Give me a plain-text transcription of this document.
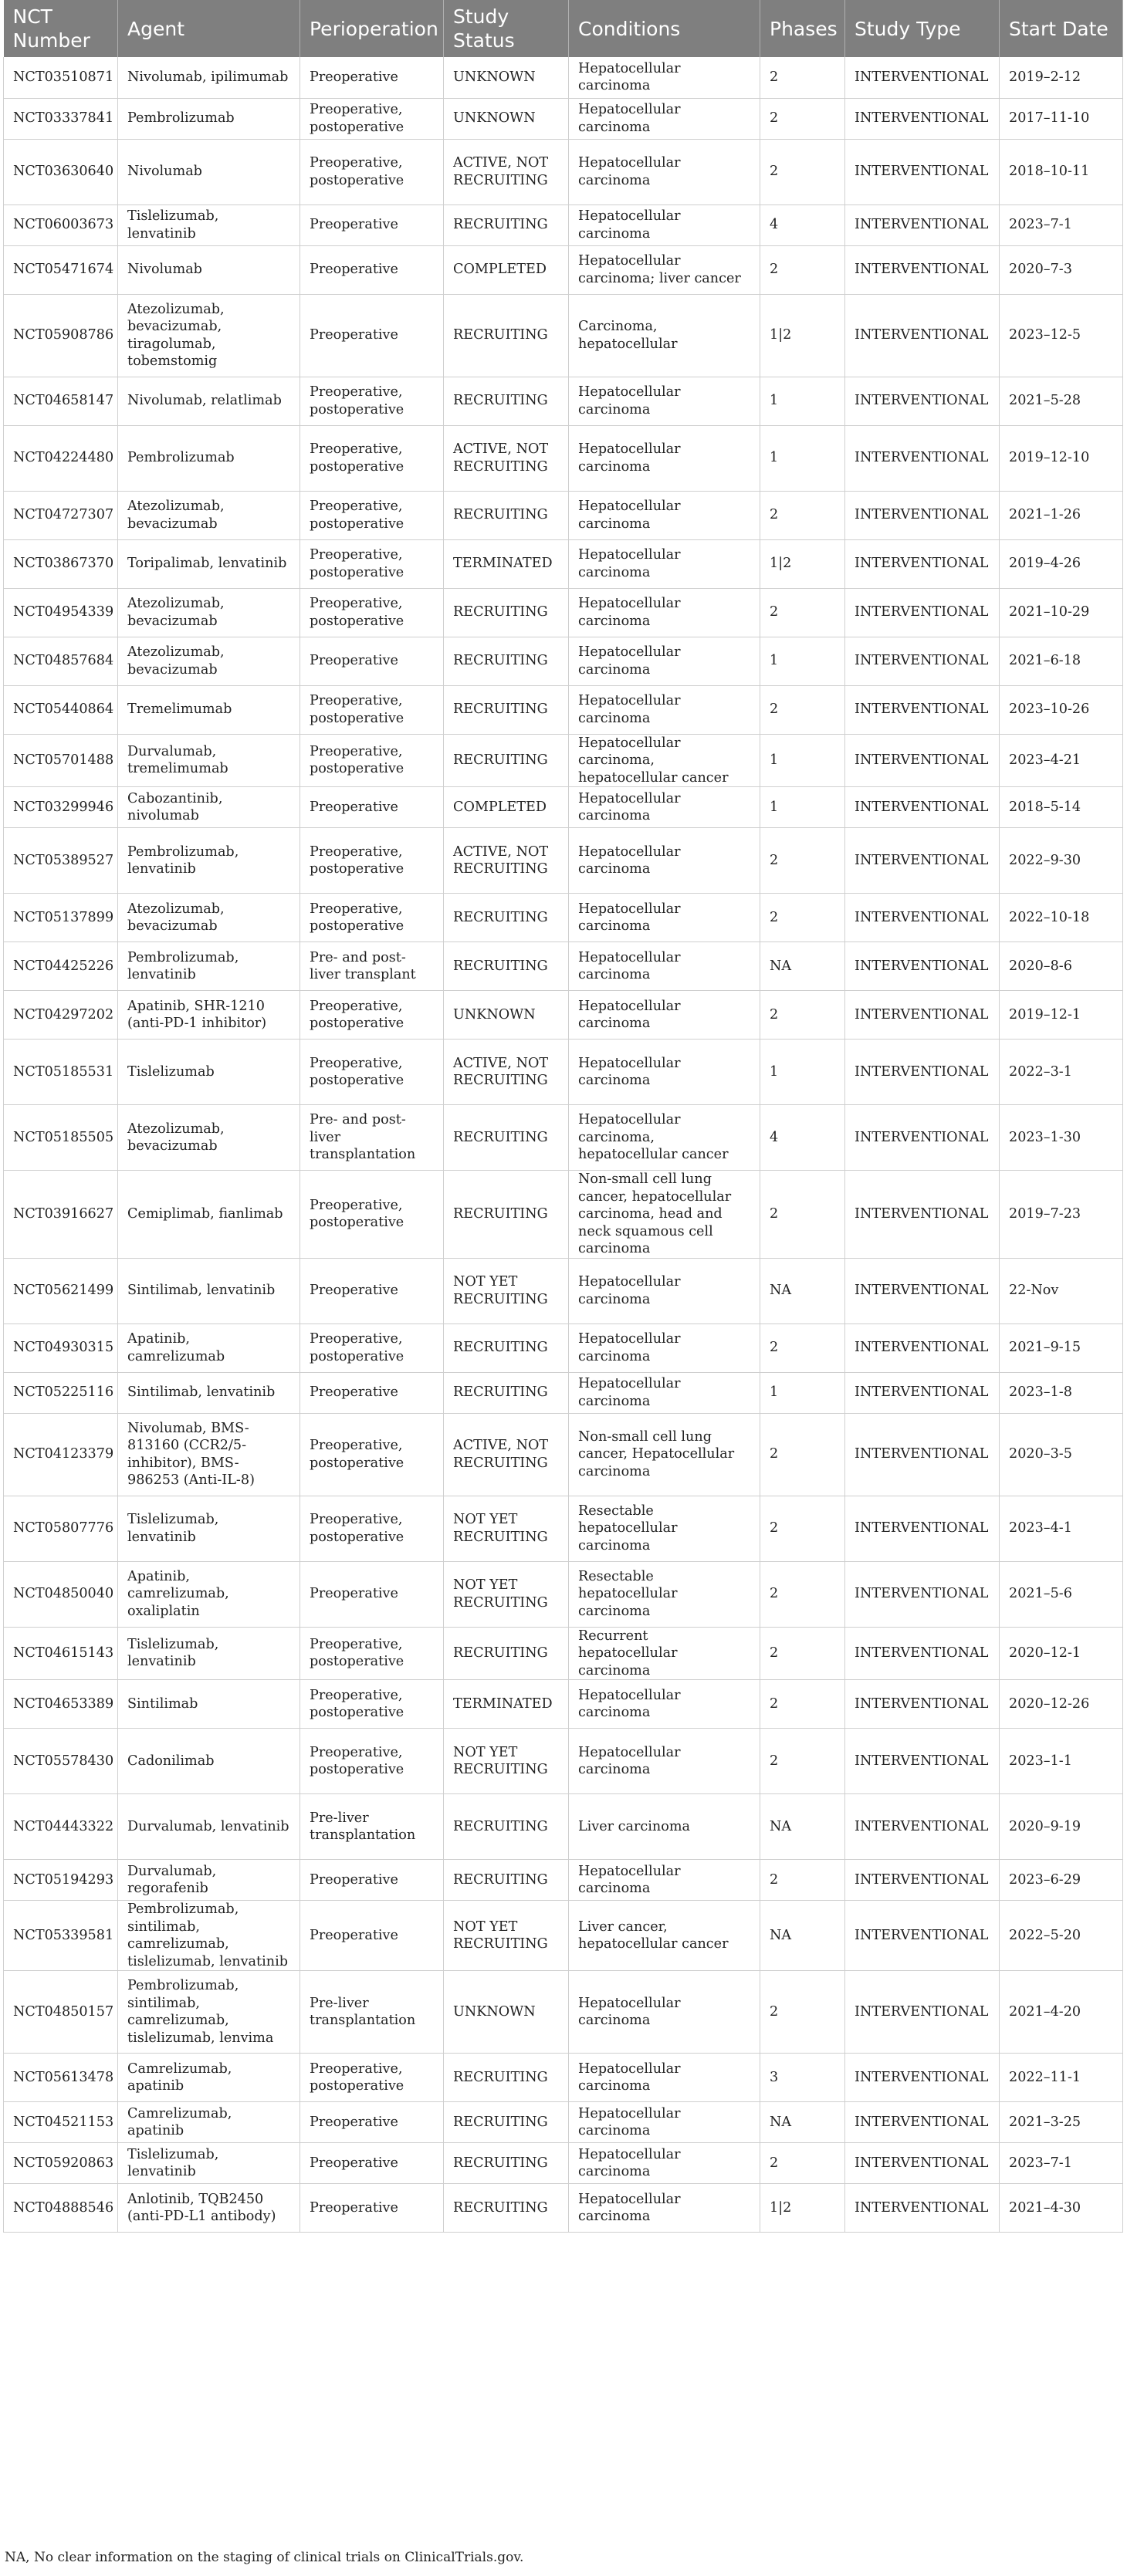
NCT Number	Agent	Perioperation	Study Status	Conditions	Phases	Study Type	Start Date
NCT03510871	Nivolumab, ipilimumab	Preoperative	UNKNOWN	Hepatocellular carcinoma	2	INTERVENTIONAL	2019–2-12
NCT03337841	Pembrolizumab	Preoperative, postoperative	UNKNOWN	Hepatocellular carcinoma	2	INTERVENTIONAL	2017–11-10
NCT03630640	Nivolumab	Preoperative, postoperative	ACTIVE, NOT RECRUITING	Hepatocellular carcinoma	2	INTERVENTIONAL	2018–10-11
NCT06003673	Tislelizumab, lenvatinib	Preoperative	RECRUITING	Hepatocellular carcinoma	4	INTERVENTIONAL	2023–7-1
NCT05471674	Nivolumab	Preoperative	COMPLETED	Hepatocellular carcinoma; liver cancer	2	INTERVENTIONAL	2020–7-3
NCT05908786	Atezolizumab, bevacizumab, tiragolumab, tobemstomig	Preoperative	RECRUITING	Carcinoma, hepatocellular	1|2	INTERVENTIONAL	2023–12-5
NCT04658147	Nivolumab, relatlimab	Preoperative, postoperative	RECRUITING	Hepatocellular carcinoma	1	INTERVENTIONAL	2021–5-28
NCT04224480	Pembrolizumab	Preoperative, postoperative	ACTIVE, NOT RECRUITING	Hepatocellular carcinoma	1	INTERVENTIONAL	2019–12-10
NCT04727307	Atezolizumab, bevacizumab	Preoperative, postoperative	RECRUITING	Hepatocellular carcinoma	2	INTERVENTIONAL	2021–1-26
NCT03867370	Toripalimab, lenvatinib	Preoperative, postoperative	TERMINATED	Hepatocellular carcinoma	1|2	INTERVENTIONAL	2019–4-26
NCT04954339	Atezolizumab, bevacizumab	Preoperative, postoperative	RECRUITING	Hepatocellular carcinoma	2	INTERVENTIONAL	2021–10-29
NCT04857684	Atezolizumab, bevacizumab	Preoperative	RECRUITING	Hepatocellular carcinoma	1	INTERVENTIONAL	2021–6-18
NCT05440864	Tremelimumab	Preoperative, postoperative	RECRUITING	Hepatocellular carcinoma	2	INTERVENTIONAL	2023–10-26
NCT05701488	Durvalumab, tremelimumab	Preoperative, postoperative	RECRUITING	Hepatocellular carcinoma, hepatocellular cancer	1	INTERVENTIONAL	2023–4-21
NCT03299946	Cabozantinib, nivolumab	Preoperative	COMPLETED	Hepatocellular carcinoma	1	INTERVENTIONAL	2018–5-14
NCT05389527	Pembrolizumab, lenvatinib	Preoperative, postoperative	ACTIVE, NOT RECRUITING	Hepatocellular carcinoma	2	INTERVENTIONAL	2022–9-30
NCT05137899	Atezolizumab, bevacizumab	Preoperative, postoperative	RECRUITING	Hepatocellular carcinoma	2	INTERVENTIONAL	2022–10-18
NCT04425226	Pembrolizumab, lenvatinib	Pre- and post-liver transplant	RECRUITING	Hepatocellular carcinoma	NA	INTERVENTIONAL	2020–8-6
NCT04297202	Apatinib, SHR-1210 (anti-PD-1 inhibitor)	Preoperative, postoperative	UNKNOWN	Hepatocellular carcinoma	2	INTERVENTIONAL	2019–12-1
NCT05185531	Tislelizumab	Preoperative, postoperative	ACTIVE, NOT RECRUITING	Hepatocellular carcinoma	1	INTERVENTIONAL	2022–3-1
NCT05185505	Atezolizumab, bevacizumab	Pre- and post-liver transplantation	RECRUITING	Hepatocellular carcinoma, hepatocellular cancer	4	INTERVENTIONAL	2023–1-30
NCT03916627	Cemiplimab, fianlimab	Preoperative, postoperative	RECRUITING	Non-small cell lung cancer, hepatocellular carcinoma, head and neck squamous cell carcinoma	2	INTERVENTIONAL	2019–7-23
NCT05621499	Sintilimab, lenvatinib	Preoperative	NOT YET RECRUITING	Hepatocellular carcinoma	NA	INTERVENTIONAL	22-Nov
NCT04930315	Apatinib, camrelizumab	Preoperative, postoperative	RECRUITING	Hepatocellular carcinoma	2	INTERVENTIONAL	2021–9-15
NCT05225116	Sintilimab, lenvatinib	Preoperative	RECRUITING	Hepatocellular carcinoma	1	INTERVENTIONAL	2023–1-8
NCT04123379	Nivolumab, BMS-813160 (CCR2/5-inhibitor), BMS-986253 (Anti-IL-8)	Preoperative, postoperative	ACTIVE, NOT RECRUITING	Non-small cell lung cancer, Hepatocellular carcinoma	2	INTERVENTIONAL	2020–3-5
NCT05807776	Tislelizumab, lenvatinib	Preoperative, postoperative	NOT YET RECRUITING	Resectable hepatocellular carcinoma	2	INTERVENTIONAL	2023–4-1
NCT04850040	Apatinib, camrelizumab, oxaliplatin	Preoperative	NOT YET RECRUITING	Resectable hepatocellular carcinoma	2	INTERVENTIONAL	2021–5-6
NCT04615143	Tislelizumab, lenvatinib	Preoperative, postoperative	RECRUITING	Recurrent hepatocellular carcinoma	2	INTERVENTIONAL	2020–12-1
NCT04653389	Sintilimab	Preoperative, postoperative	TERMINATED	Hepatocellular carcinoma	2	INTERVENTIONAL	2020–12-26
NCT05578430	Cadonilimab	Preoperative, postoperative	NOT YET RECRUITING	Hepatocellular carcinoma	2	INTERVENTIONAL	2023–1-1
NCT04443322	Durvalumab, lenvatinib	Pre-liver transplantation	RECRUITING	Liver carcinoma	NA	INTERVENTIONAL	2020–9-19
NCT05194293	Durvalumab, regorafenib	Preoperative	RECRUITING	Hepatocellular carcinoma	2	INTERVENTIONAL	2023–6-29
NCT05339581	Pembrolizumab, sintilimab, camrelizumab, tislelizumab, lenvatinib	Preoperative	NOT YET RECRUITING	Liver cancer, hepatocellular cancer	NA	INTERVENTIONAL	2022–5-20
NCT04850157	Pembrolizumab, sintilimab, camrelizumab, tislelizumab, lenvima	Pre-liver transplantation	UNKNOWN	Hepatocellular carcinoma	2	INTERVENTIONAL	2021–4-20
NCT05613478	Camrelizumab, apatinib	Preoperative, postoperative	RECRUITING	Hepatocellular carcinoma	3	INTERVENTIONAL	2022–11-1
NCT04521153	Camrelizumab, apatinib	Preoperative	RECRUITING	Hepatocellular carcinoma	NA	INTERVENTIONAL	2021–3-25
NCT05920863	Tislelizumab, lenvatinib	Preoperative	RECRUITING	Hepatocellular carcinoma	2	INTERVENTIONAL	2023–7-1
NCT04888546	Anlotinib, TQB2450 (anti-PD-L1 antibody)	Preoperative	RECRUITING	Hepatocellular carcinoma	1|2	INTERVENTIONAL	2021–4-30
NA, No clear information on the staging of clinical trials on ClinicalTrials.gov.
